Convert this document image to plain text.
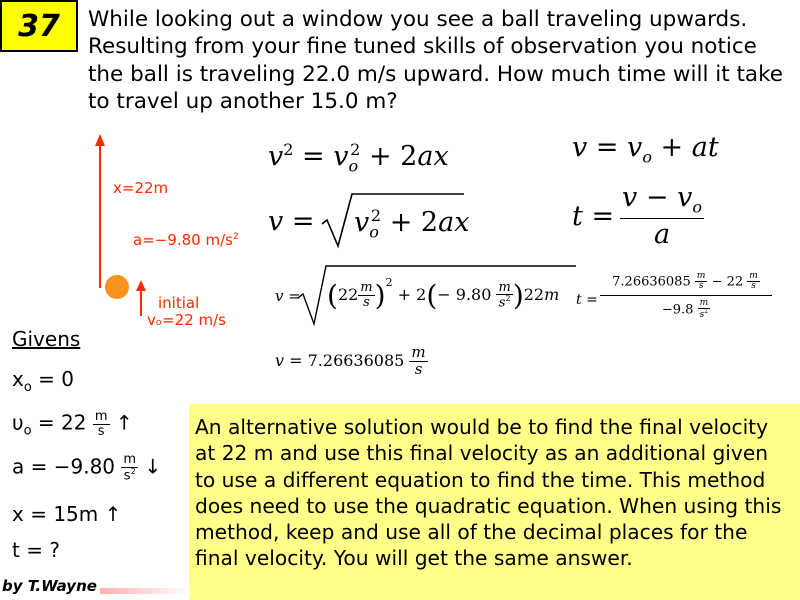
37 While looking out a window you see a ball traveling upwards. Resulting from your fine tuned skills of observation you notice the ball is traveling 22.0 m/s upward. How much time will it take to travel up another 15.0 m?
x=22m
a=−9.80 $m/s^2$
initial
vₒ=22 m/s
$v^2 = v_o^2 + 2ax$
$v = v_o^2 + 2ax$
$v = v_o$ + at
t =
$v - v_o$
a
$v = (22 \frac{m}{s} )^2 + 2(- 9.80 \frac{m}{s^2} )22m$ t =
$7.26636085 \frac{m}{s} - 22 \frac{m}{s}$
$-9.8 \frac{m}{s^2}$
$v = 7.26636085 \frac{m}{s}$
Givens
$x_o = 0$
$\upsilon_o = 22 \frac{m}{s}$ ↑
$a = -9.80 \frac{m}{s^2}$ ↓
x = 15m ↑
t = ?
An alternative solution would be to find the final velocity at 22 m and use this final velocity as an additional given to use a different equation to find the time. This method does need to use the quadratic equation. When using this method, keep and use all of the decimal places for the final velocity. You will get the same answer.
by T.Wayne
